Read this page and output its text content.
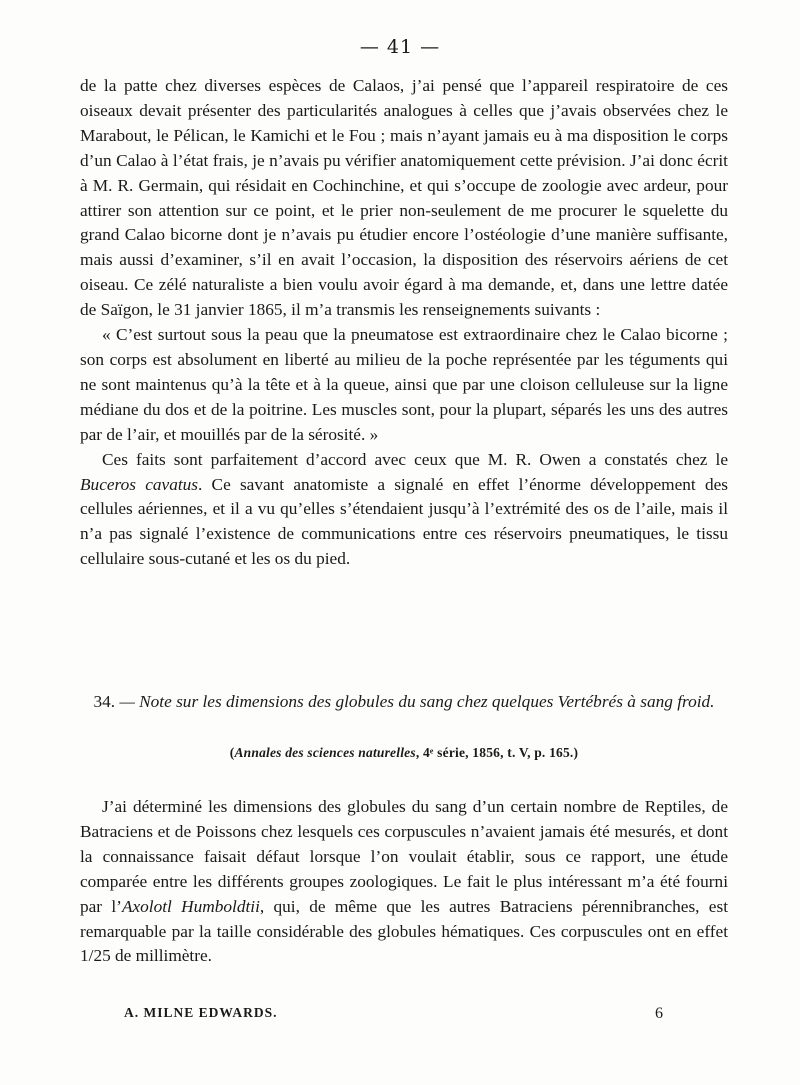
— 41 —

de la patte chez diverses espèces de Calaos, j’ai pensé que l’appareil respiratoire de ces oiseaux devait présenter des particularités analogues à celles que j’avais observées chez le Marabout, le Pélican, le Kamichi et le Fou ; mais n’ayant jamais eu à ma disposition le corps d’un Calao à l’état frais, je n’avais pu vérifier anatomiquement cette prévision. J’ai donc écrit à M. R. Germain, qui résidait en Cochinchine, et qui s’occupe de zoologie avec ardeur, pour attirer son attention sur ce point, et le prier non-seulement de me procurer le squelette du grand Calao bicorne dont je n’avais pu étudier encore l’ostéologie d’une manière suffisante, mais aussi d’examiner, s’il en avait l’occasion, la disposition des réservoirs aériens de cet oiseau. Ce zélé naturaliste a bien voulu avoir égard à ma demande, et, dans une lettre datée de Saïgon, le 31 janvier 1865, il m’a transmis les renseignements suivants :

« C’est surtout sous la peau que la pneumatose est extraordinaire chez le Calao bicorne ; son corps est absolument en liberté au milieu de la poche représentée par les téguments qui ne sont maintenus qu’à la tête et à la queue, ainsi que par une cloison celluleuse sur la ligne médiane du dos et de la poitrine. Les muscles sont, pour la plupart, séparés les uns des autres par de l’air, et mouillés par de la sérosité. »

Ces faits sont parfaitement d’accord avec ceux que M. R. Owen a constatés chez le Buceros cavatus. Ce savant anatomiste a signalé en effet l’énorme développement des cellules aériennes, et il a vu qu’elles s’étendaient jusqu’à l’extrémité des os de l’aile, mais il n’a pas signalé l’existence de communications entre ces réservoirs pneumatiques, le tissu cellulaire sous-cutané et les os du pied.

34. — Note sur les dimensions des globules du sang chez quelques Vertébrés à sang froid.
(Annales des sciences naturelles, 4ᵉ série, 1856, t. V, p. 165.)

J’ai déterminé les dimensions des globules du sang d’un certain nombre de Reptiles, de Batraciens et de Poissons chez lesquels ces corpuscules n’avaient jamais été mesurés, et dont la connaissance faisait défaut lorsque l’on voulait établir, sous ce rapport, une étude comparée entre les différents groupes zoologiques. Le fait le plus intéressant m’a été fourni par l’Axolotl Humboldtii, qui, de même que les autres Batraciens pérennibranches, est remarquable par la taille considérable des globules hématiques. Ces corpuscules ont en effet 1/25 de millimètre.

A. MILNE EDWARDS.	6
